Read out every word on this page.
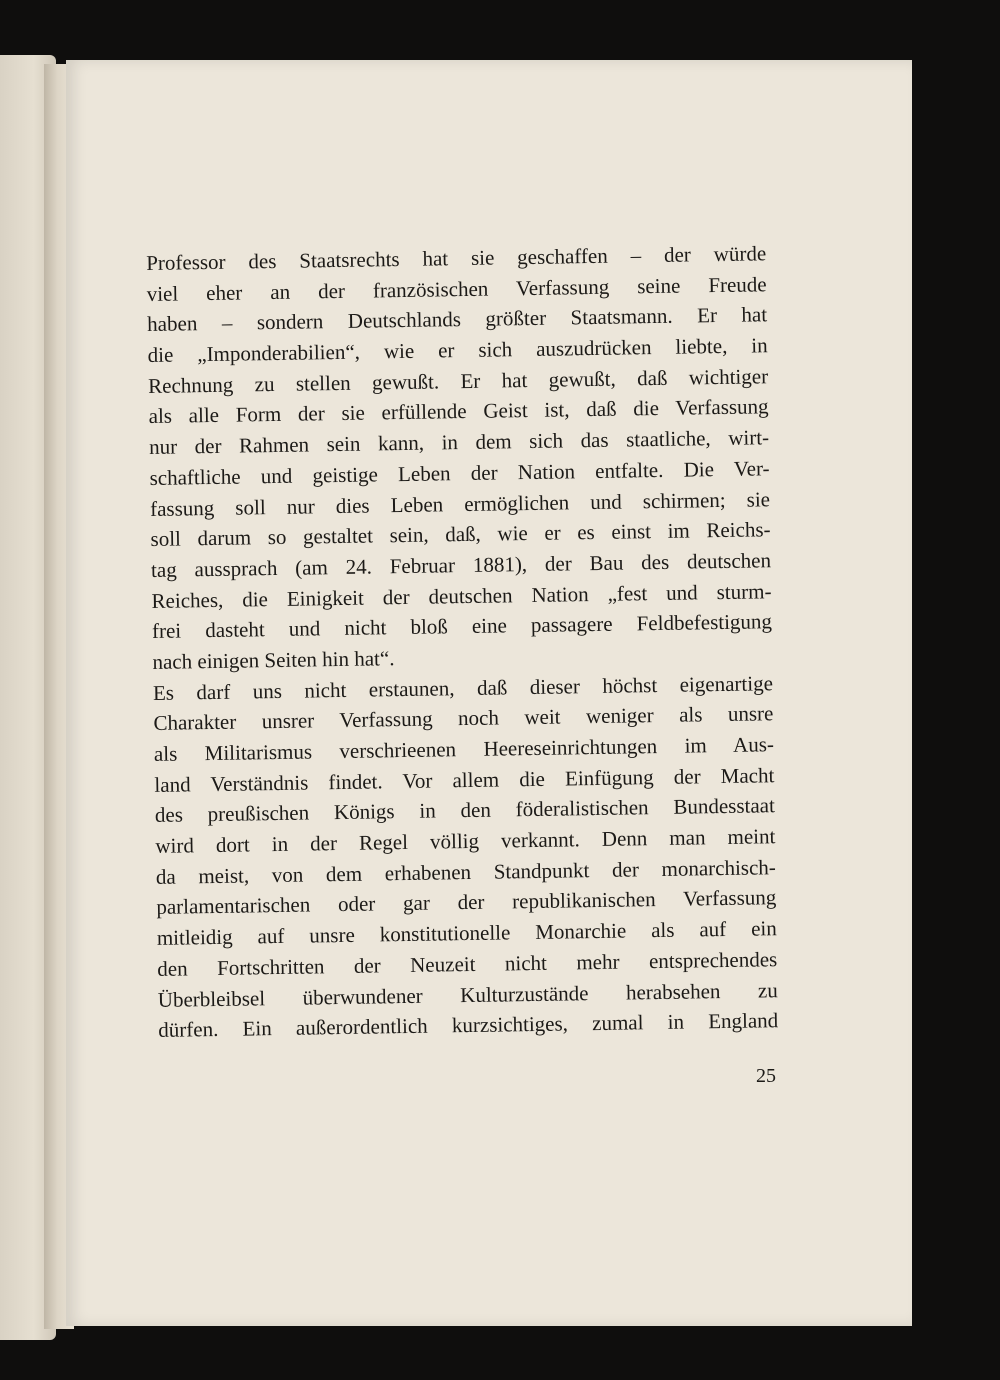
Professor des Staatsrechts hat sie geschaffen – der würde
viel eher an der französischen Verfassung seine Freude
haben – sondern Deutschlands größter Staatsmann. Er hat
die „Imponderabilien“, wie er sich auszudrücken liebte, in
Rechnung zu stellen gewußt. Er hat gewußt, daß wichtiger
als alle Form der sie erfüllende Geist ist, daß die Verfassung
nur der Rahmen sein kann, in dem sich das staatliche, wirt-
schaftliche und geistige Leben der Nation entfalte. Die Ver-
fassung soll nur dies Leben ermöglichen und schirmen; sie
soll darum so gestaltet sein, daß, wie er es einst im Reichs-
tag aussprach (am 24. Februar 1881), der Bau des deutschen
Reiches, die Einigkeit der deutschen Nation „fest und sturm-
frei dasteht und nicht bloß eine passagere Feldbefestigung
nach einigen Seiten hin hat“.
Es darf uns nicht erstaunen, daß dieser höchst eigenartige
Charakter unsrer Verfassung noch weit weniger als unsre
als Militarismus verschrieenen Heereseinrichtungen im Aus-
land Verständnis findet. Vor allem die Einfügung der Macht
des preußischen Königs in den föderalistischen Bundesstaat
wird dort in der Regel völlig verkannt. Denn man meint
da meist, von dem erhabenen Standpunkt der monarchisch-
parlamentarischen oder gar der republikanischen Verfassung
mitleidig auf unsre konstitutionelle Monarchie als auf ein
den Fortschritten der Neuzeit nicht mehr entsprechendes
Überbleibsel überwundener Kulturzustände herabsehen zu
dürfen. Ein außerordentlich kurzsichtiges, zumal in England
25
